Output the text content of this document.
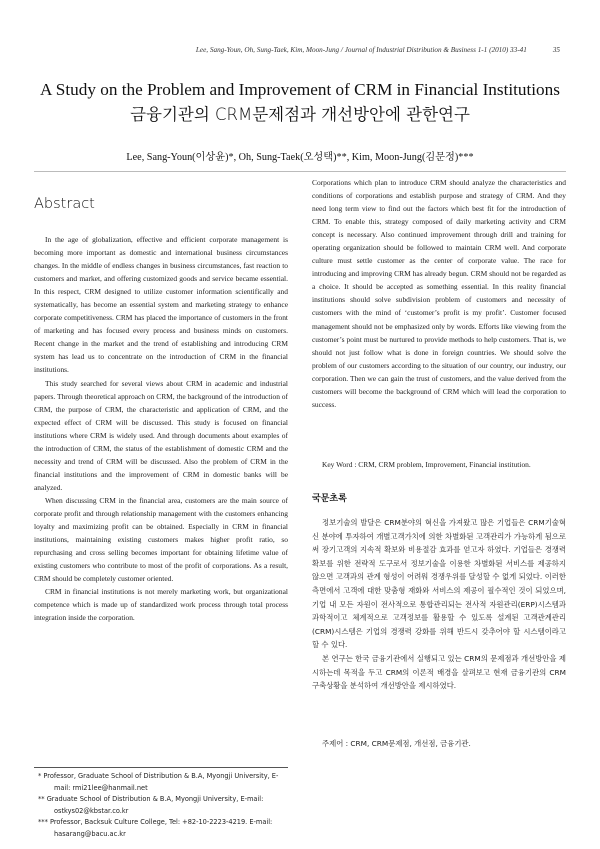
Lee, Sang-Youn, Oh, Sung-Taek, Kim, Moon-Jung / Journal of Industrial Distribution & Business 1-1 (2010) 33-41	35
A Study on the Problem and Improvement of CRM in Financial Institutions
금융기관의 CRM문제점과 개선방안에 관한연구
Lee, Sang-Youn(이상윤)*, Oh, Sung-Taek(오성택)**, Kim, Moon-Jung(김문정)***
Abstract

In the age of globalization, effective and efficient corporate management is becoming more important as domestic and international business circumstances changes. In the middle of endless changes in business circumstances, fast reaction to customers and market, and offering customized goods and service became essential. In this respect, CRM designed to utilize customer information scientifically and systematically, has become an essential system and marketing strategy to enhance corporate competitiveness. CRM has placed the importance of customers in the front of marketing and has focused every process and business minds on customers. Recent change in the market and the trend of establishing and introducing CRM system has lead us to concentrate on the introduction of CRM in the financial institutions.

This study searched for several views about CRM in academic and industrial papers. Through theoretical approach on CRM, the background of the introduction of CRM, the purpose of CRM, the characteristic and application of CRM, and the expected effect of CRM will be discussed. This study is focused on financial institutions where CRM is widely used. And through documents about examples of the introduction of CRM, the status of the establishment of domestic CRM and the necessity and trend of CRM will be discussed. Also the problem of CRM in the financial institutions and the improvement of CRM in domestic banks will be analyzed.

When discussing CRM in the financial area, customers are the main source of corporate profit and through relationship management with the customers enhancing loyalty and maximizing profit can be obtained. Especially in CRM in financial institutions, maintaining existing customers makes higher profit ratio, so repurchasing and cross selling becomes important for obtaining lifetime value of existing customers who contribute to most of the profit of corporations. As a result, CRM should be completely customer oriented.

CRM in financial institutions is not merely marketing work, but organizational competence which is made up of standardized work process through total process integration inside the corporation.

* Professor, Graduate School of Distribution & B.A, Myongji University, E-mail: rmi21lee@hanmail.net
** Graduate School of Distribution & B.A, Myongji University, E-mail: ostkys02@kbstar.co.kr
*** Professor, Backsuk Culture College, Tel: +82-10-2223-4219. E-mail: hasarang@bacu.ac.kr

Corporations which plan to introduce CRM should analyze the characteristics and conditions of corporations and establish purpose and strategy of CRM. And they need long term view to find out the factors which best fit for the introduction of CRM. To enable this, strategy composed of daily marketing activity and CRM concept is necessary. Also continued improvement through drill and training for operating organization should be followed to maintain CRM well. And corporate culture must settle customer as the center of corporate value. The race for introducing and improving CRM has already begun. CRM should not be regarded as a choice. It should be accepted as something essential. In this reality financial institutions should solve subdivision problem of customers and necessity of customers with the mind of ‘customer’s profit is my profit’. Customer focused management should not be emphasized only by words. Efforts like viewing from the customer’s point must be nurtured to provide methods to help customers. That is, we should not just follow what is done in foreign countries. We should solve the problem of our customers according to the situation of our country, our industry, our corporation. Then we can gain the trust of customers, and the value derived from the customers will become the background of CRM which will lead the corporation to success.

Key Word : CRM, CRM problem, Improvement, Financial institution.
국문초록

정보기술의 발달은 CRM분야의 혁신을 가져왔고 많은 기업들은 CRM기술혁신 분야에 투자하여 개별고객가치에 의한 차별화된 고객관리가 가능하게 됨으로써 장기고객의 지속적 확보와 비용절감 효과를 얻고자 하였다. 기업들은 경쟁력 확보를 위한 전략적 도구로서 정보기술을 이용한 차별화된 서비스를 제공하지 않으면 고객과의 관계 형성이 어려워 경쟁우위를 달성할 수 없게 되었다. 이러한 측면에서 고객에 대한 맞춤형 재화와 서비스의 제공이 필수적인 것이 되었으며, 기업 내 모든 자원이 전사적으로 통합관리되는 전사적 자원관리(ERP)시스템과 과학적이고 체계적으로 고객정보를 활용할 수 있도록 설계된 고객관계관리(CRM)시스템은 기업의 경쟁력 강화를 위해 반드시 갖추어야 할 시스템이라고 할 수 있다.

본 연구는 한국 금융기관에서 실행되고 있는 CRM의 문제점과 개선방안을 제시하는데 목적을 두고 CRM의 이론적 배경을 살펴보고 현재 금융기관의 CRM 구축상황을 분석하여 개선방안을 제시하였다.

주제어 : CRM, CRM문제점, 개선점, 금융기관.
